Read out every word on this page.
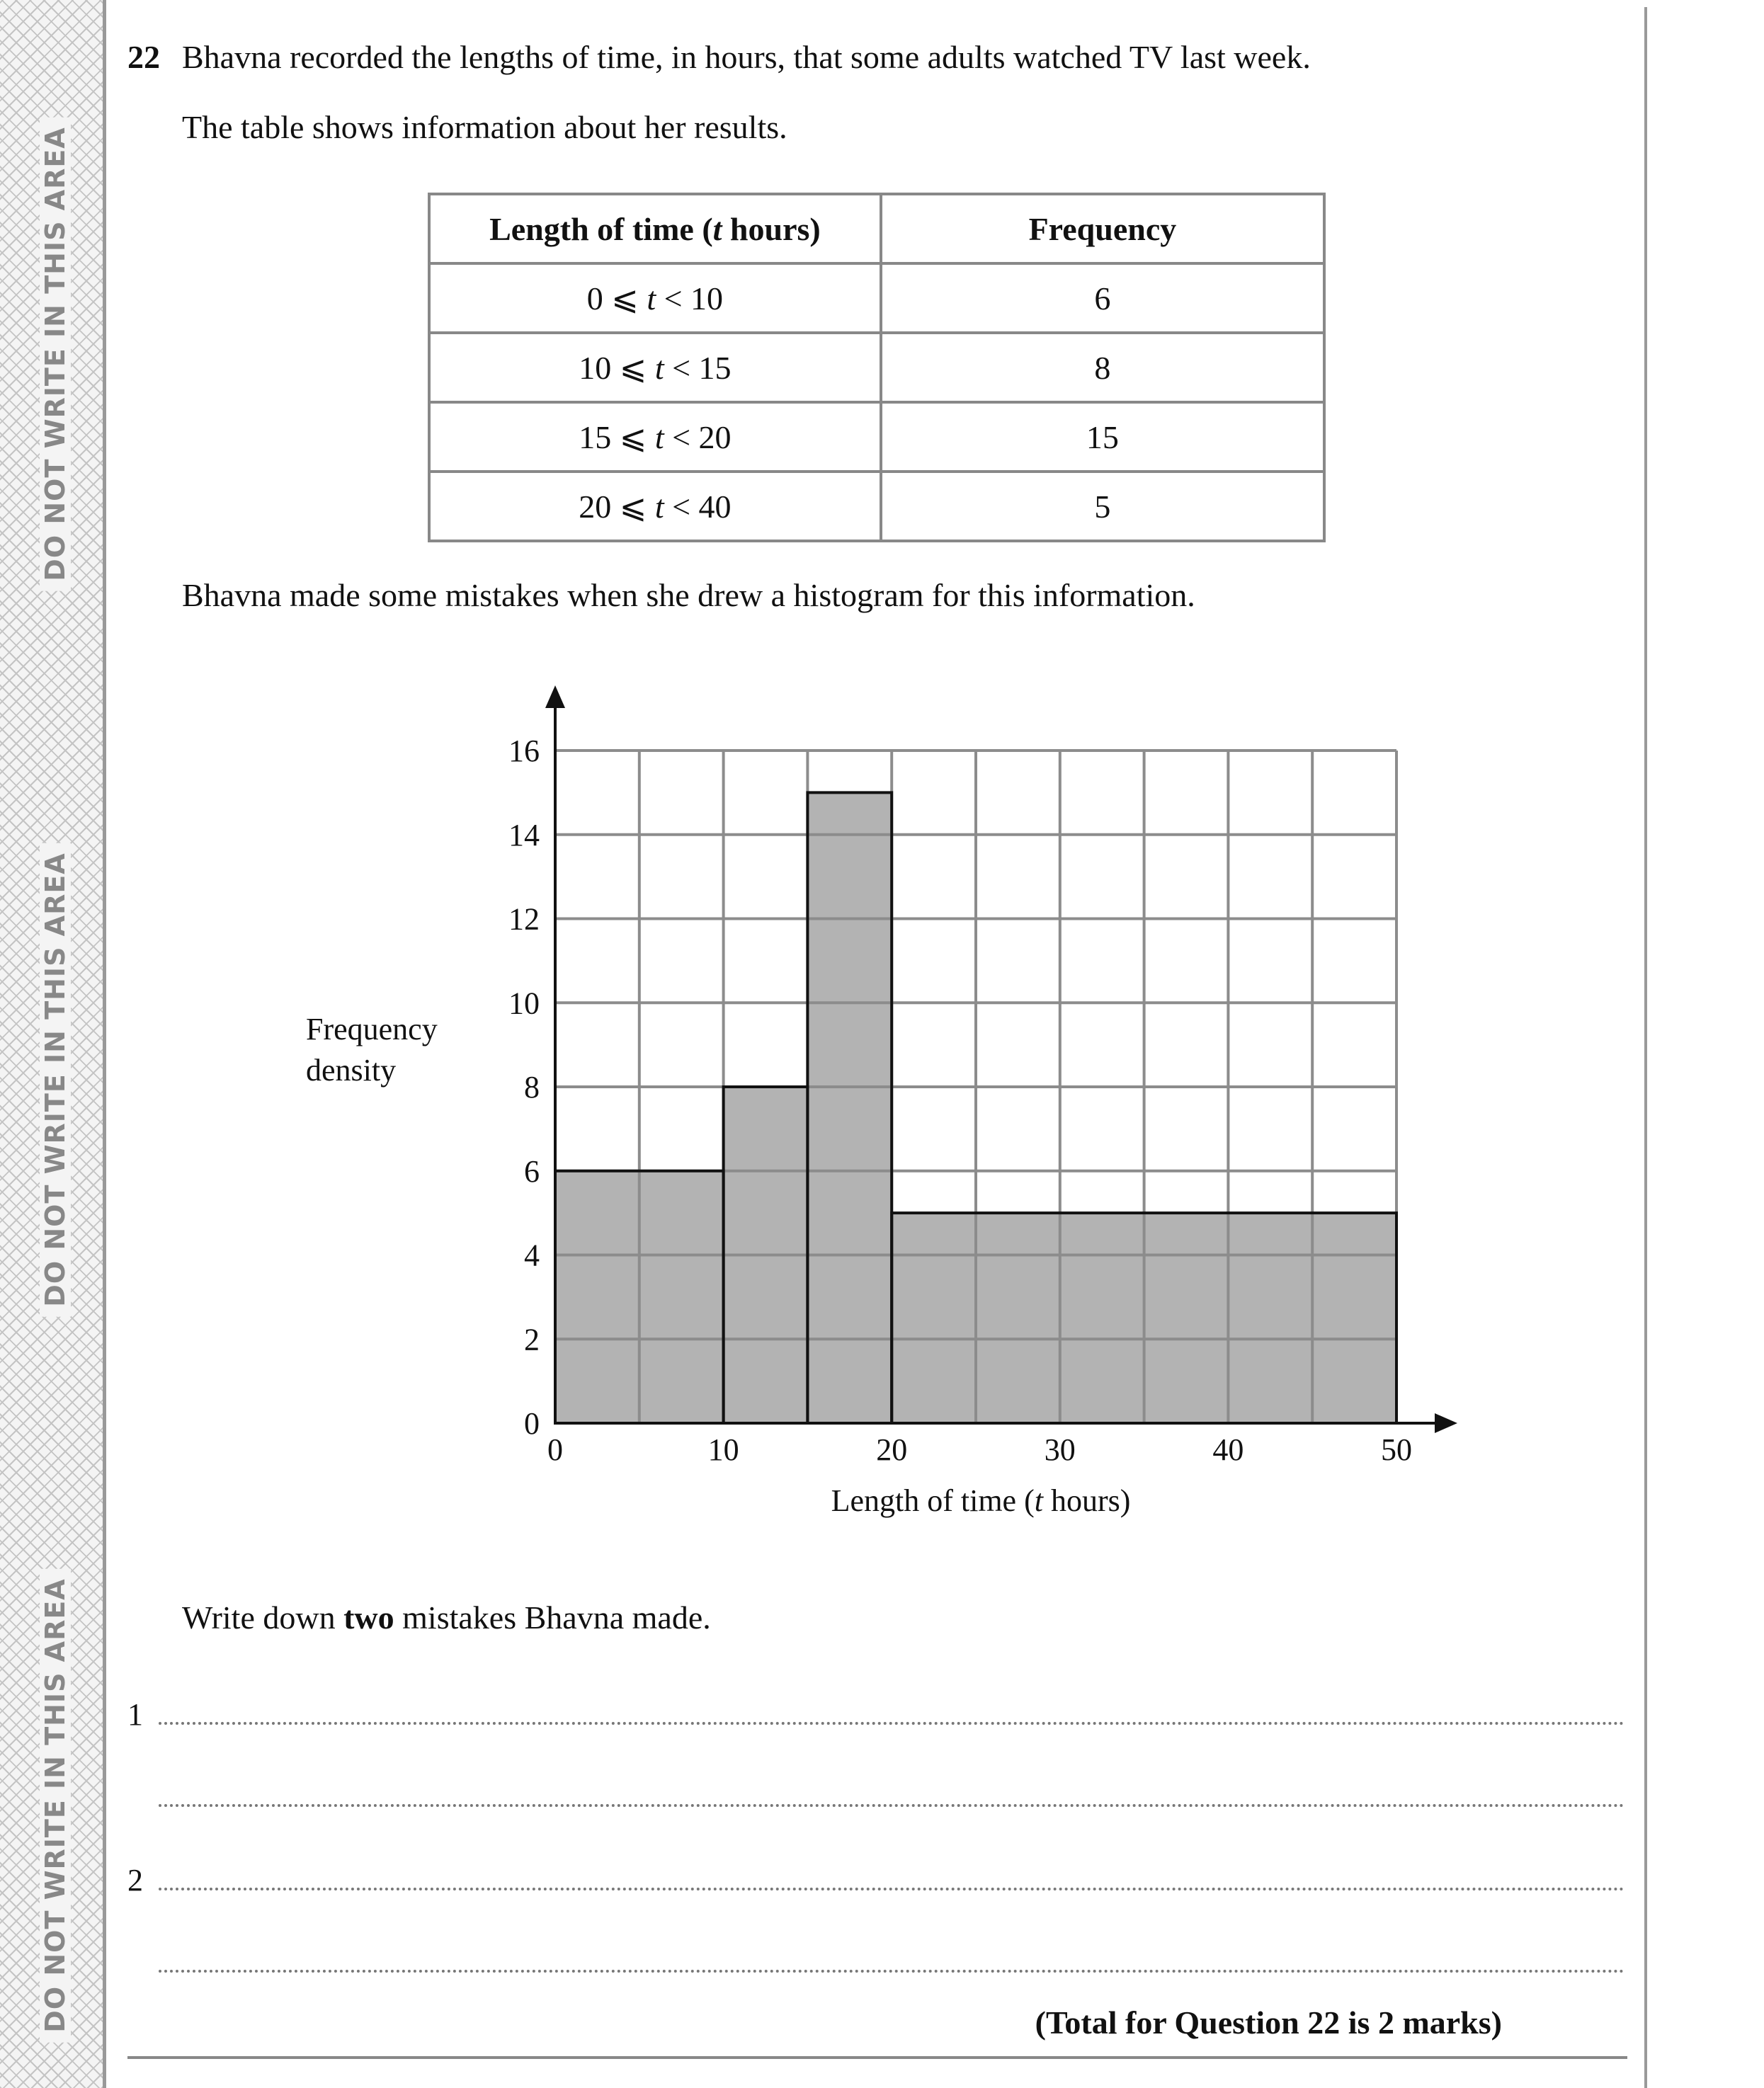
DO NOT WRITE IN THIS AREA
DO NOT WRITE IN THIS AREA
DO NOT WRITE IN THIS AREA
22 Bhavna recorded the lengths of time, in hours, that some adults watched TV last week.
The table shows information about her results.
Length of time (t hours)	Frequency
0 ⩽ t < 10	6
10 ⩽ t < 15	8
15 ⩽ t < 20	15
20 ⩽ t < 40	5
Bhavna made some mistakes when she drew a histogram for this information.
0
2
4
6
8
10
12
14
16
0	10	20	30	40	50
Frequency
density
Length of time (t hours)
Write down two mistakes Bhavna made.
1
2
(Total for Question 22 is 2 marks)
